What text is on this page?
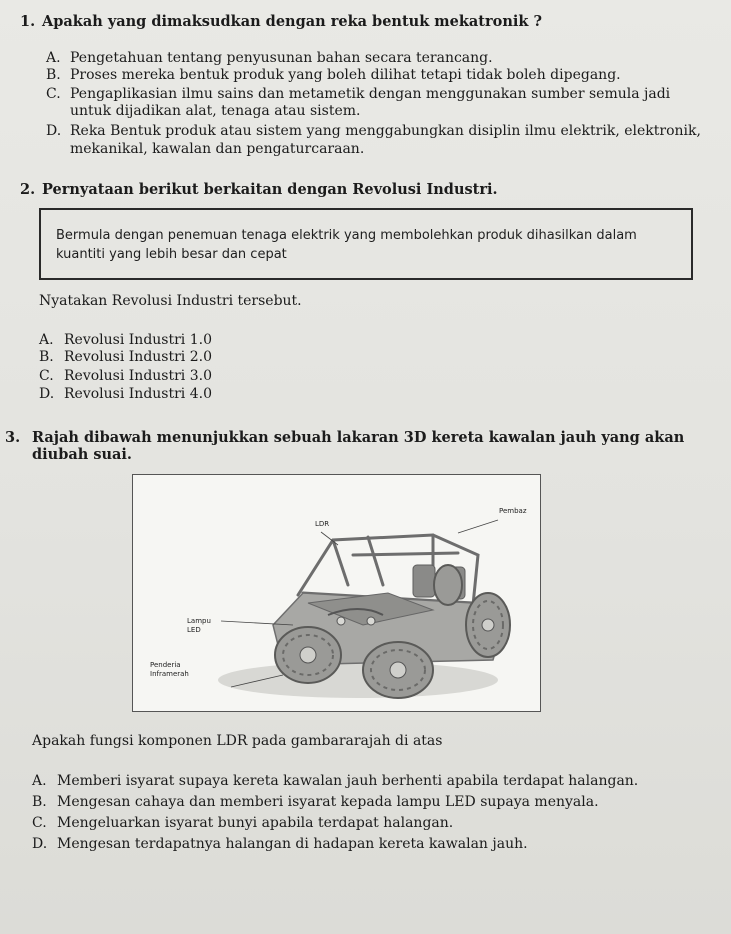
1. Apakah yang dimaksudkan dengan reka bentuk mekatronik ?
A. Pengetahuan tentang penyusunan bahan secara terancang.
B. Proses mereka bentuk produk yang boleh dilihat tetapi tidak boleh dipegang.
C. Pengaplikasian ilmu sains dan metametik dengan menggunakan sumber semula jadi
untuk dijadikan alat, tenaga atau sistem.
D. Reka Bentuk produk atau sistem yang menggabungkan disiplin ilmu elektrik, elektronik,
mekanikal, kawalan dan pengaturcaraan.
2. Pernyataan berikut berkaitan dengan Revolusi Industri.
Bermula dengan penemuan tenaga elektrik yang membolehkan produk dihasilkan dalam kuantiti yang lebih besar dan cepat
Nyatakan Revolusi Industri tersebut.
A. Revolusi Industri 1.0
B. Revolusi Industri 2.0
C. Revolusi Industri 3.0
D. Revolusi Industri 4.0
3. Rajah dibawah menunjukkan sebuah lakaran 3D kereta kawalan jauh yang akan diubah suai.
Pembaz
LDR
Lampu
LED
Penderia
Inframerah
Apakah fungsi komponen LDR pada gambararajah di atas
A. Memberi isyarat supaya kereta kawalan jauh berhenti apabila terdapat halangan.
B. Mengesan cahaya dan memberi isyarat kepada lampu LED supaya menyala.
C. Mengeluarkan isyarat bunyi apabila terdapat halangan.
D. Mengesan terdapatnya halangan di hadapan kereta kawalan jauh.
